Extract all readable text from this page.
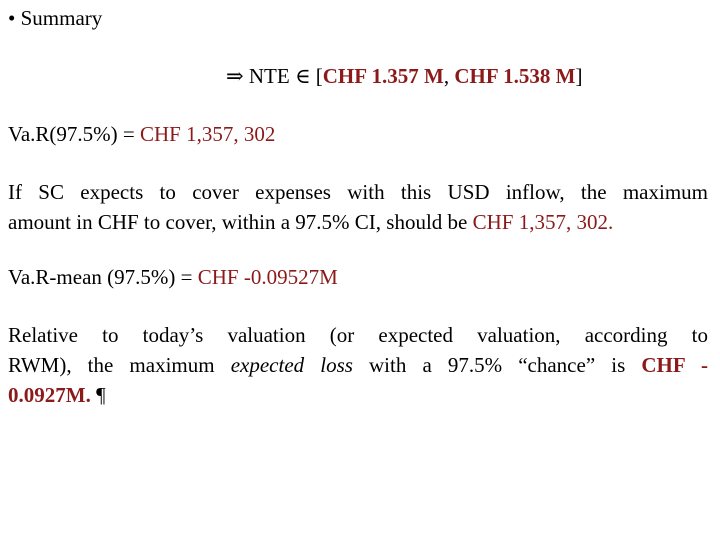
• Summary
⇒ NTE ∈ [CHF 1.357 M, CHF 1.538 M]
Va.R(97.5%) = CHF 1,357, 302
If SC expects to cover expenses with this USD inflow, the maximum
amount in CHF to cover, within a 97.5% CI, should be CHF 1,357, 302.
Va.R-mean (97.5%) = CHF -0.09527M
Relative to today’s valuation (or expected valuation, according to
RWM), the maximum expected loss with a 97.5% “chance” is CHF -
0.0927M. ¶
